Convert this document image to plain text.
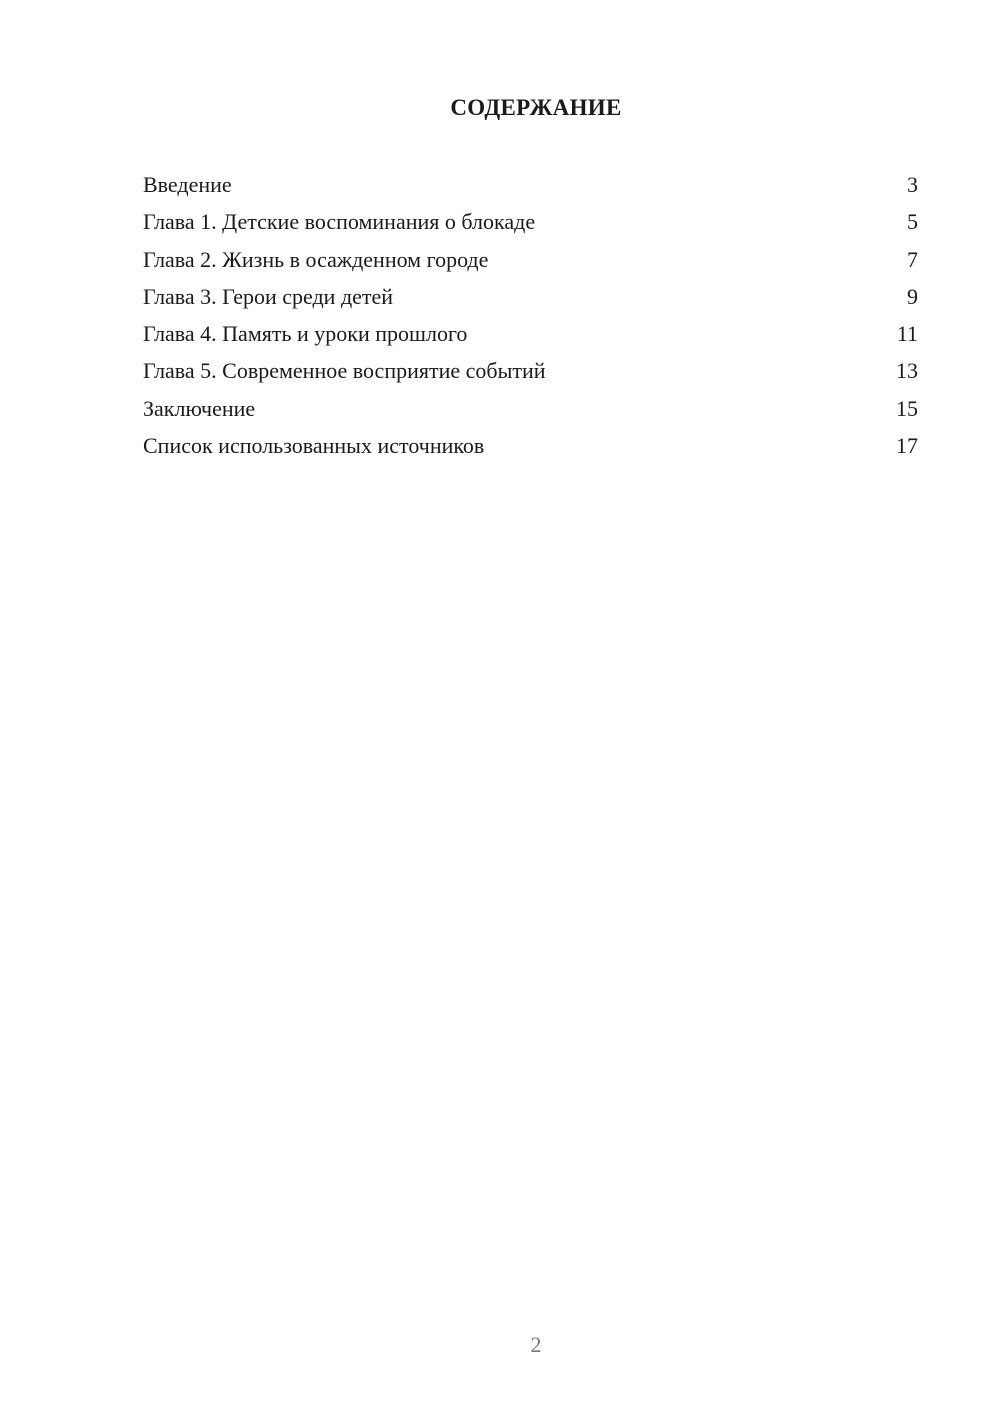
СОДЕРЖАНИЕ
Введение	3
Глава 1. Детские воспоминания о блокаде	5
Глава 2. Жизнь в осажденном городе	7
Глава 3. Герои среди детей	9
Глава 4. Память и уроки прошлого	11
Глава 5. Современное восприятие событий	13
Заключение	15
Список использованных источников	17
2
